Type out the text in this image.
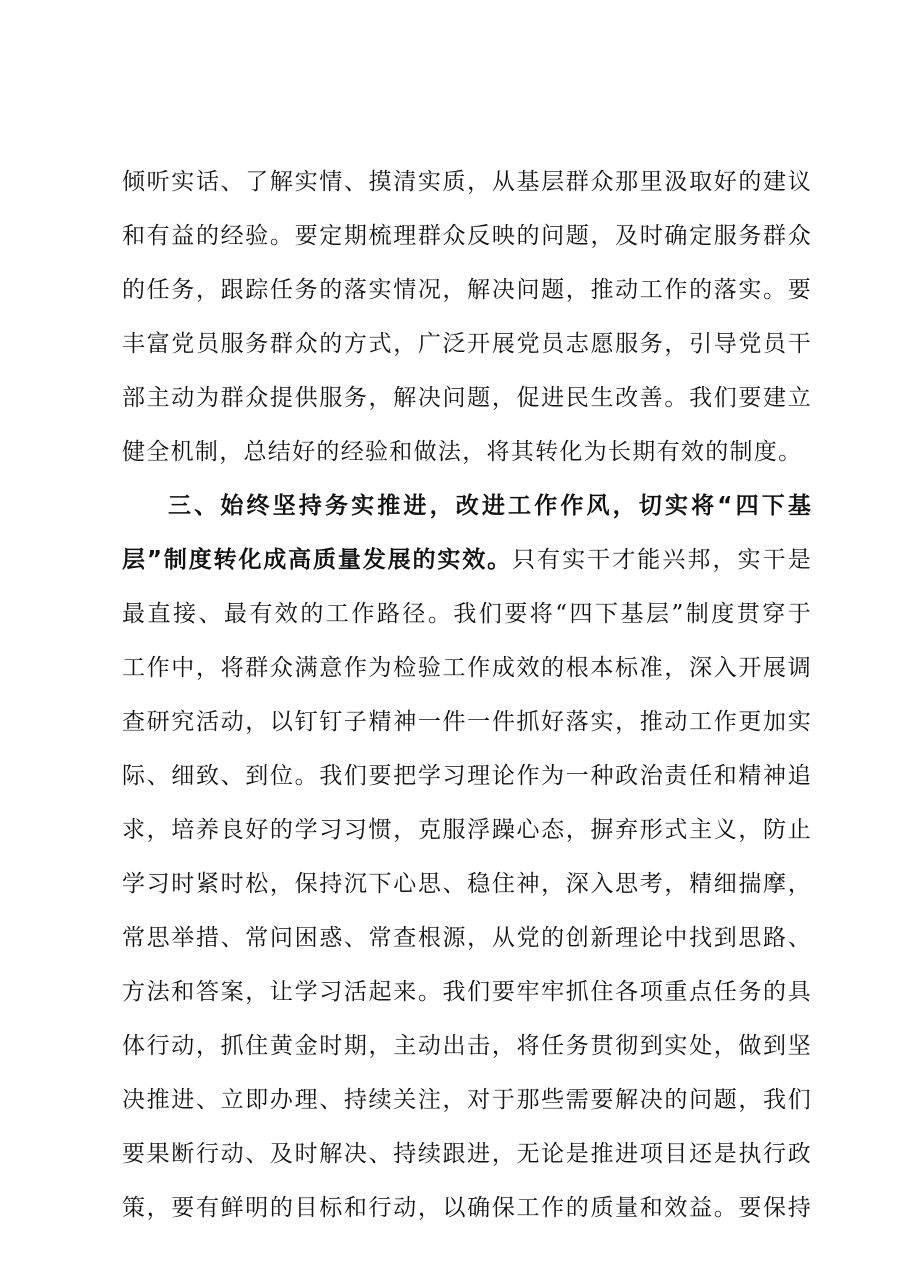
倾听实话、了解实情、摸清实质，从基层群众那里汲取好的建议
和有益的经验。要定期梳理群众反映的问题，及时确定服务群众
的任务，跟踪任务的落实情况，解决问题，推动工作的落实。要
丰富党员服务群众的方式，广泛开展党员志愿服务，引导党员干
部主动为群众提供服务，解决问题，促进民生改善。我们要建立
健全机制，总结好的经验和做法，将其转化为长期有效的制度。
三、始终坚持务实推进，改进工作作风，切实将“四下基
层”制度转化成高质量发展的实效。只有实干才能兴邦，实干是
最直接、最有效的工作路径。我们要将“四下基层”制度贯穿于
工作中，将群众满意作为检验工作成效的根本标准，深入开展调
查研究活动，以钉钉子精神一件一件抓好落实，推动工作更加实
际、细致、到位。我们要把学习理论作为一种政治责任和精神追
求，培养良好的学习习惯，克服浮躁心态，摒弃形式主义，防止
学习时紧时松，保持沉下心思、稳住神，深入思考，精细揣摩，
常思举措、常问困惑、常查根源，从党的创新理论中找到思路、
方法和答案，让学习活起来。我们要牢牢抓住各项重点任务的具
体行动，抓住黄金时期，主动出击，将任务贯彻到实处，做到坚
决推进、立即办理、持续关注，对于那些需要解决的问题，我们
要果断行动、及时解决、持续跟进，无论是推进项目还是执行政
策，要有鲜明的目标和行动，以确保工作的质量和效益。要保持
